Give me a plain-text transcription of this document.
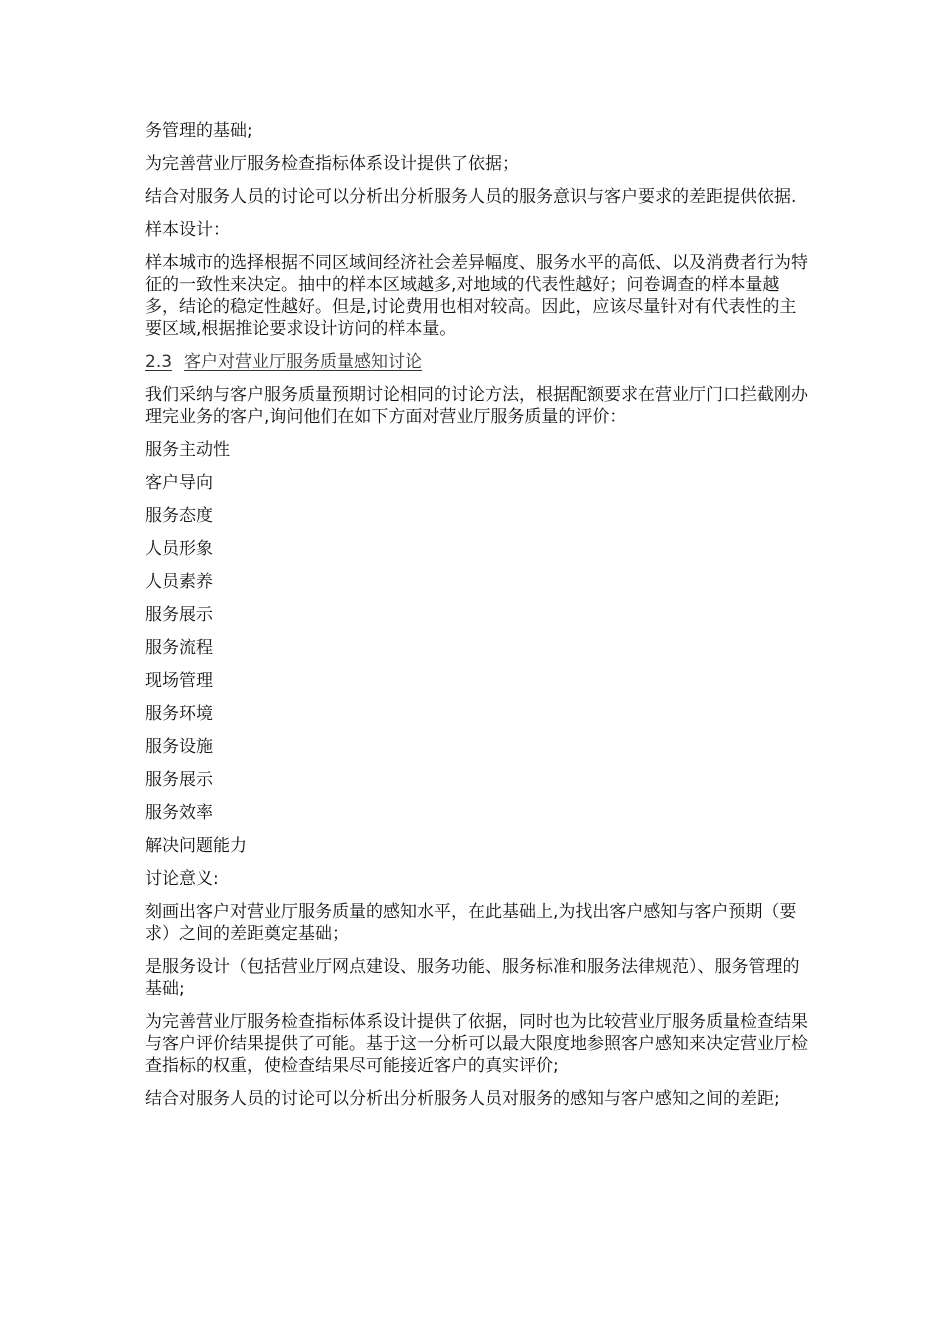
务管理的基础;

为完善营业厅服务检查指标体系设计提供了依据；

结合对服务人员的讨论可以分析出分析服务人员的服务意识与客户要求的差距提供依据.

样本设计：

样本城市的选择根据不同区域间经济社会差异幅度、服务水平的高低、以及消费者行为特征的一致性来决定。抽中的样本区域越多,对地域的代表性越好；问卷调查的样本量越多，结论的稳定性越好。但是,讨论费用也相对较高。因此，应该尽量针对有代表性的主要区域,根据推论要求设计访问的样本量。

2.3 客户对营业厅服务质量感知讨论

我们采纳与客户服务质量预期讨论相同的讨论方法，根据配额要求在营业厅门口拦截刚办理完业务的客户,询问他们在如下方面对营业厅服务质量的评价：

服务主动性

客户导向

服务态度

人员形象

人员素养

服务展示

服务流程

现场管理

服务环境

服务设施

服务展示

服务效率

解决问题能力

讨论意义:

刻画出客户对营业厅服务质量的感知水平，在此基础上,为找出客户感知与客户预期（要求）之间的差距奠定基础；

是服务设计（包括营业厅网点建设、服务功能、服务标准和服务法律规范）、服务管理的基础;

为完善营业厅服务检查指标体系设计提供了依据，同时也为比较营业厅服务质量检查结果与客户评价结果提供了可能。基于这一分析可以最大限度地参照客户感知来决定营业厅检查指标的权重，使检查结果尽可能接近客户的真实评价;

结合对服务人员的讨论可以分析出分析服务人员对服务的感知与客户感知之间的差距;
